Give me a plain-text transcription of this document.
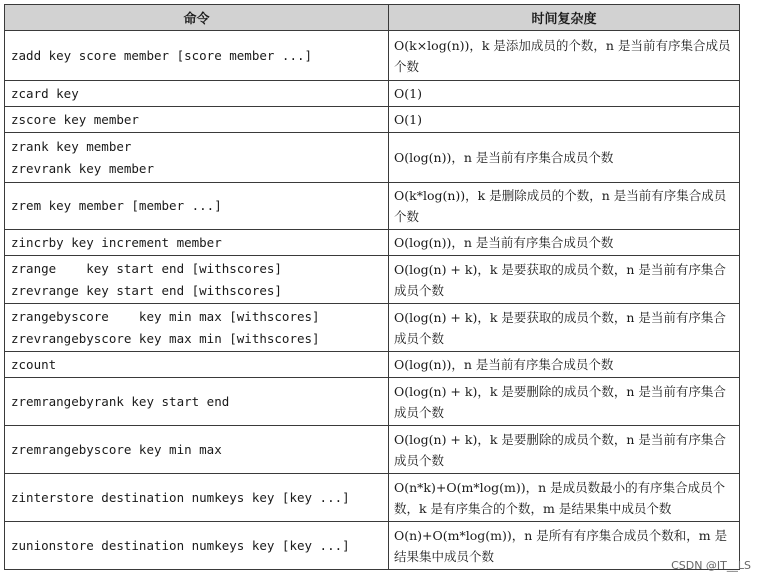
命令	时间复杂度

zadd key score member [score member ...]	O(k×log(n))，k 是添加成员的个数，n 是当前有序集合成员个数

zcard key	O(1)

zscore key member	O(1)

zrank key member
zrevrank key member	O(log(n))，n 是当前有序集合成员个数

zrem key member [member ...]	O(k*log(n))，k 是删除成员的个数，n 是当前有序集合成员个数

zincrby key increment member	O(log(n))，n 是当前有序集合成员个数

zrange    key start end [withscores]
zrevrange key start end [withscores]	O(log(n) + k)，k 是要获取的成员个数，n 是当前有序集合成员个数

zrangebyscore    key min max [withscores]
zrevrangebyscore key max min [withscores]	O(log(n) + k)，k 是要获取的成员个数，n 是当前有序集合成员个数

zcount	O(log(n))，n 是当前有序集合成员个数

zremrangebyrank key start end	O(log(n) + k)，k 是要删除的成员个数，n 是当前有序集合成员个数

zremrangebyscore key min max	O(log(n) + k)，k 是要删除的成员个数，n 是当前有序集合成员个数

zinterstore destination numkeys key [key ...]	O(n*k)+O(m*log(m))，n 是成员数最小的有序集合成员个数，k 是有序集合的个数，m 是结果集中成员个数

zunionstore destination numkeys key [key ...]	O(n)+O(m*log(m))，n 是所有有序集合成员个数和，m 是结果集中成员个数
CSDN @IT__LS
